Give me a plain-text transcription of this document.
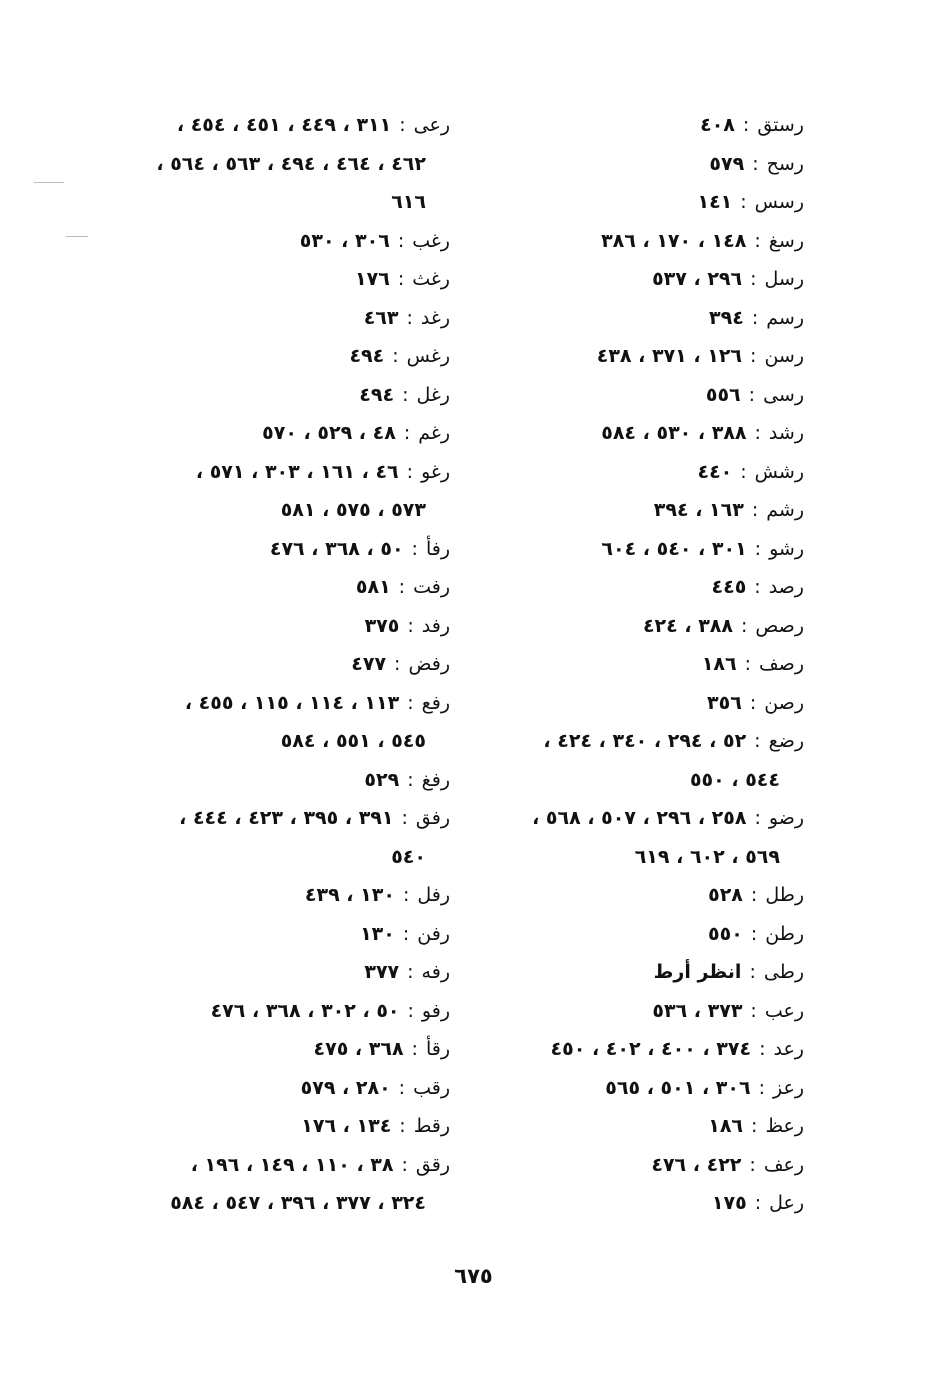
رستق:٤٠٨
رسح:٥٧٩
رسس:١٤١
رسغ:١٤٨ ، ١٧٠ ، ٣٨٦
رسل:٢٩٦ ، ٥٣٧
رسم:٣٩٤
رسن:١٢٦ ، ٣٧١ ، ٤٣٨
رسى:٥٥٦
رشد:٣٨٨ ، ٥٣٠ ، ٥٨٤
رشش:٤٤٠
رشم:١٦٣ ، ٣٩٤
رشو:٣٠١ ، ٥٤٠ ، ٦٠٤
رصد:٤٤٥
رصص:٣٨٨ ، ٤٢٤
رصف:١٨٦
رصن:٣٥٦
رضع:٥٢ ، ٢٩٤ ، ٣٤٠ ، ٤٢٤ ،
٥٤٤ ، ٥٥٠
رضو:٢٥٨ ، ٢٩٦ ، ٥٠٧ ، ٥٦٨ ،
٥٦٩ ، ٦٠٢ ، ٦١٩
رطل:٥٢٨
رطن:٥٥٠
رطى:انظر أرط
رعب:٣٧٣ ، ٥٣٦
رعد:٣٧٤ ، ٤٠٠ ، ٤٠٢ ، ٤٥٠
رعز:٣٠٦ ، ٥٠١ ، ٥٦٥
رعظ:١٨٦
رعف:٤٢٢ ، ٤٧٦
رعل:١٧٥
رعى:٣١١ ، ٤٤٩ ، ٤٥١ ، ٤٥٤ ،
٤٦٢ ، ٤٦٤ ، ٤٩٤ ، ٥٦٣ ، ٥٦٤ ،
٦١٦
رغب:٣٠٦ ، ٥٣٠
رغث:١٧٦
رغد:٤٦٣
رغس:٤٩٤
رغل:٤٩٤
رغم:٤٨ ، ٥٢٩ ، ٥٧٠
رغو:٤٦ ، ١٦١ ، ٣٠٣ ، ٥٧١ ،
٥٧٣ ، ٥٧٥ ، ٥٨١
رفأ:٥٠ ، ٣٦٨ ، ٤٧٦
رفت:٥٨١
رفد:٣٧٥
رفض:٤٧٧
رفع:١١٣ ، ١١٤ ، ١١٥ ، ٤٥٥ ،
٥٤٥ ، ٥٥١ ، ٥٨٤
رفغ:٥٢٩
رفق:٣٩١ ، ٣٩٥ ، ٤٢٣ ، ٤٤٤ ،
٥٤٠
رفل:١٣٠ ، ٤٣٩
رفن:١٣٠
رفه:٣٧٧
رفو:٥٠ ، ٣٠٢ ، ٣٦٨ ، ٤٧٦
رقأ:٣٦٨ ، ٤٧٥
رقب:٢٨٠ ، ٥٧٩
رقط:١٣٤ ، ١٧٦
رقق:٣٨ ، ١١٠ ، ١٤٩ ، ١٩٦ ،
٣٢٤ ، ٣٧٧ ، ٣٩٦ ، ٥٤٧ ، ٥٨٤
٦٧٥
